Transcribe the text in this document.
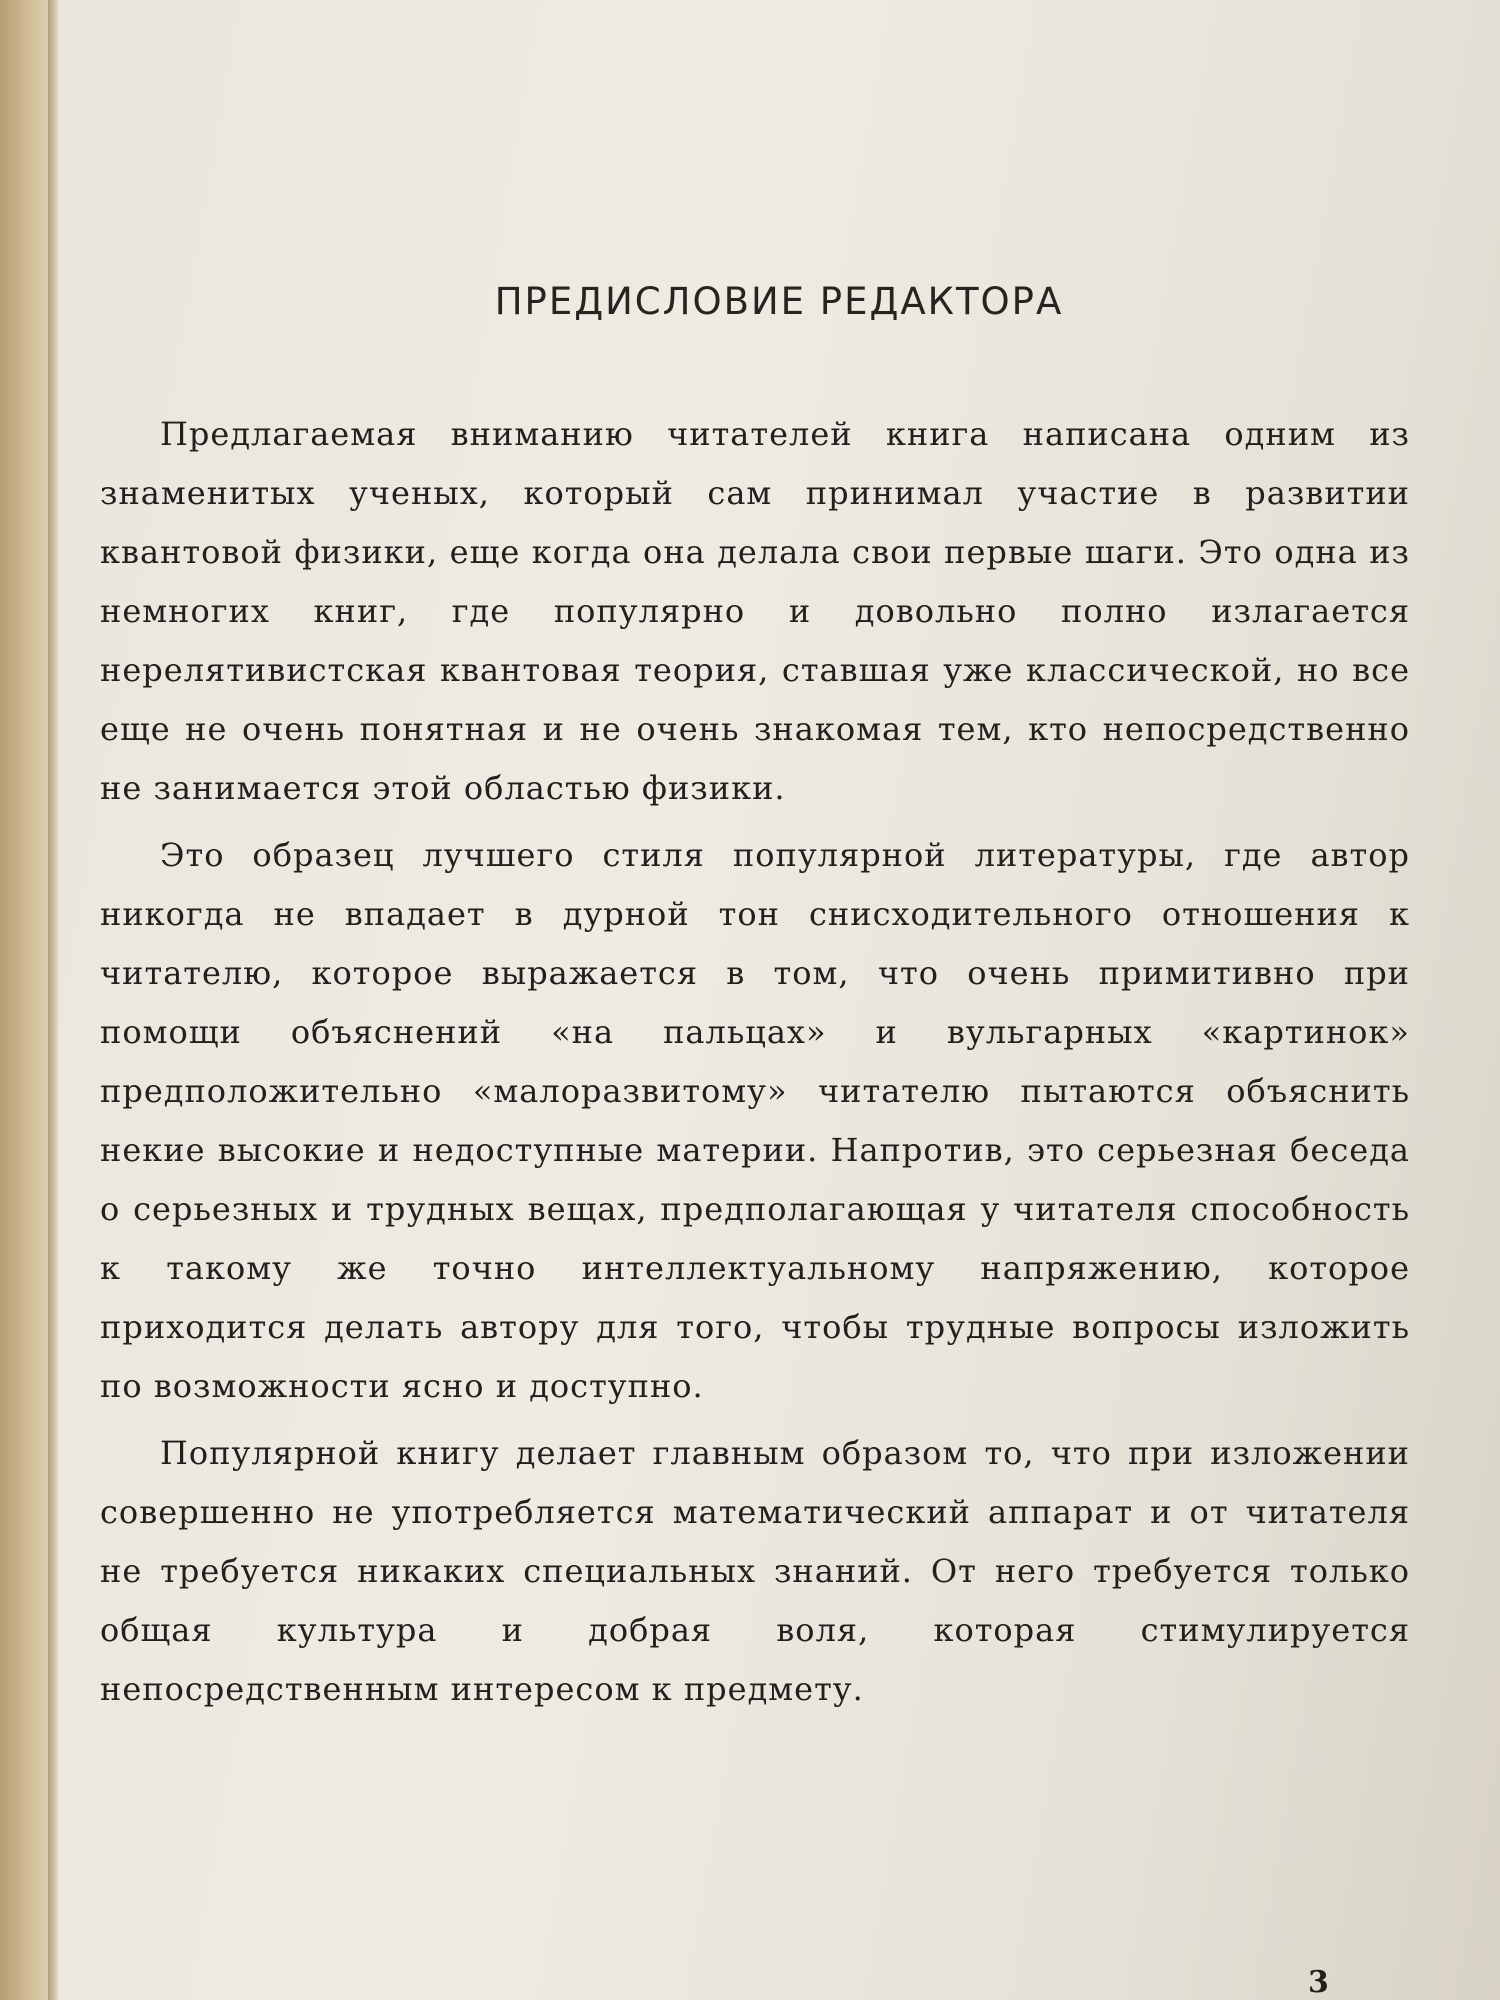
ПРЕДИСЛОВИЕ РЕДАКТОРА

Предлагаемая вниманию читателей книга написана одним из знаменитых ученых, который сам принимал участие в развитии квантовой физики, еще когда она делала свои первые шаги. Это одна из немногих книг, где популярно и довольно полно излагается нерелятивистская квантовая теория, ставшая уже классической, но все еще не очень понятная и не очень знакомая тем, кто непосредственно не занимается этой областью физики.

Это образец лучшего стиля популярной литературы, где автор никогда не впадает в дурной тон снисходительного отношения к читателю, которое выражается в том, что очень примитивно при помощи объяснений «на пальцах» и вульгарных «картинок» предположительно «малоразвитому» читателю пытаются объяснить некие высокие и недоступные материи. Напротив, это серьезная беседа о серьезных и трудных вещах, предполагающая у читателя способность к такому же точно интеллектуальному напряжению, которое приходится делать автору для того, чтобы трудные вопросы изложить по возможности ясно и доступно.

Популярной книгу делает главным образом то, что при изложении совершенно не употребляется математический аппарат и от читателя не требуется никаких специальных знаний. От него требуется только общая культура и добрая воля, которая стимулируется непосредственным интересом к предмету.

3
